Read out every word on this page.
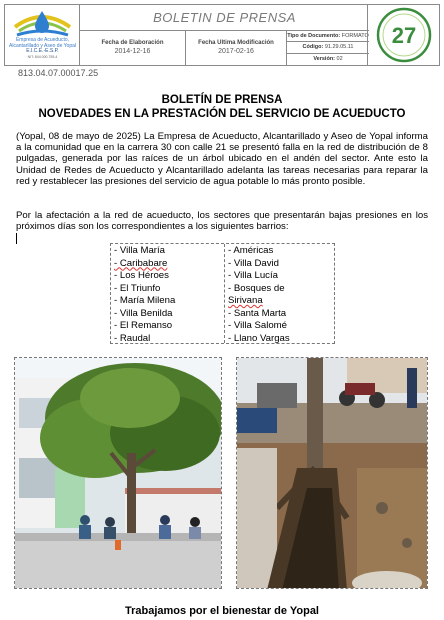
Empresa de Acueducto,
Alcantarillado y Aseo de Yopal
E.I.C.E.-E.S.P.
NIT: 844.000.755-4
BOLETIN DE PRENSA
Fecha de Elaboración
2014-12-16
Fecha Ultima Modificación
2017-02-16
Tipo de Documento: FORMATO
Código: 91.29.05.11
Versión: 02
27
813.04.07.00017.25
BOLETÍN DE PRENSA
NOVEDADES EN LA PRESTACIÓN DEL SERVICIO DE ACUEDUCTO
(Yopal, 08 de mayo de 2025) La Empresa de Acueducto, Alcantarillado y Aseo de Yopal informa a la comunidad que en la carrera 30 con calle 21 se presentó falla en la red de distribución de 8 pulgadas, generada por las raíces de un árbol ubicado en el andén del sector. Ante esto la Unidad de Redes de Acueducto y Alcantarillado adelanta las tareas necesarias para reparar la red y restablecer las presiones del servicio de agua potable lo más pronto posible.
Por la afectación a la red de acueducto, los sectores que presentarán bajas presiones en los próximos días son los correspondientes a los siguientes barrios:
- Villa María
- Caribabare
- Los Héroes
- El Triunfo
- María Milena
- Villa Benilda
- El Remanso
- Raudal
- Américas
- Villa David
- Villa Lucía
- Bosques de
Sirivana
- Santa Marta
- Villa Salomé
- Llano Vargas
Trabajamos por el bienestar de Yopal
